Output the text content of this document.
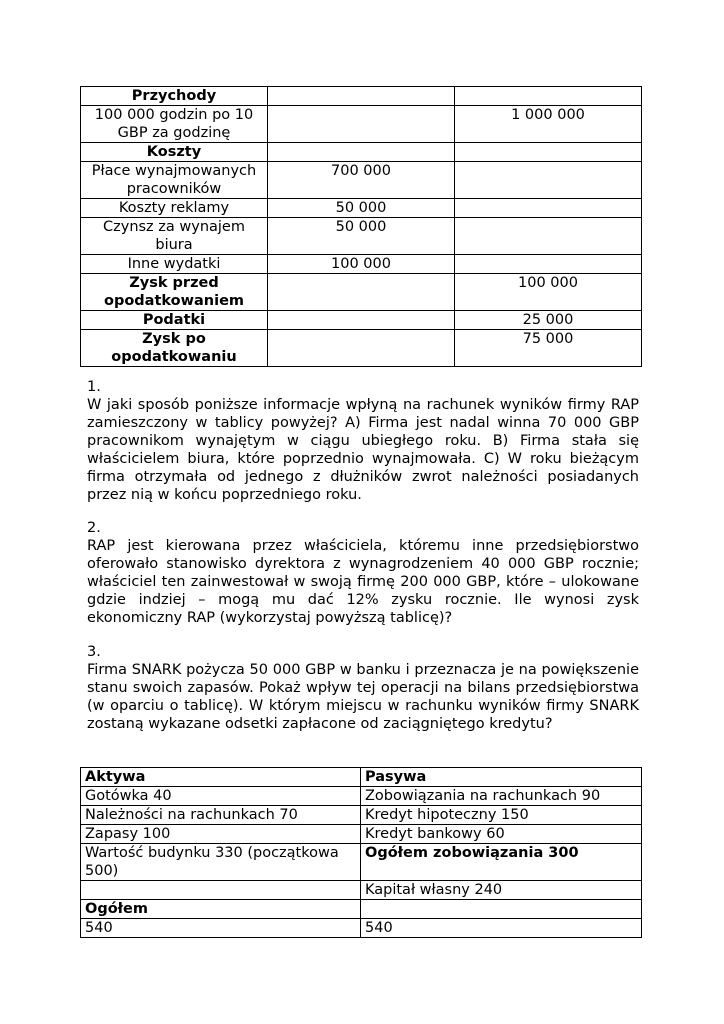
Przychody		
100 000 godzin po 10 GBP za godzinę		1 000 000
Koszty		
Płace wynajmowanych pracowników	700 000	
Koszty reklamy	50 000	
Czynsz za wynajem biura	50 000	
Inne wydatki	100 000	
Zysk przed opodatkowaniem		100 000
Podatki		25 000
Zysk po opodatkowaniu		75 000

1.

W jaki sposób poniższe informacje wpłyną na rachunek wyników firmy RAP zamieszczony w tablicy powyżej? A) Firma jest nadal winna 70 000 GBP pracownikom wynajętym w ciągu ubiegłego roku. B) Firma stała się właścicielem biura, które poprzednio wynajmowała. C) W roku bieżącym firma otrzymała od jednego z dłużników zwrot należności posiadanych przez nią w końcu poprzedniego roku.

2.

RAP jest kierowana przez właściciela, któremu inne przedsiębiorstwo oferowało stanowisko dyrektora z wynagrodzeniem 40 000 GBP rocznie; właściciel ten zainwestował w swoją firmę 200 000 GBP, które – ulokowane gdzie indziej – mogą mu dać 12% zysku rocznie. Ile wynosi zysk ekonomiczny RAP (wykorzystaj powyższą tablicę)?

3.

Firma SNARK pożycza 50 000 GBP w banku i przeznacza je na powiększenie stanu swoich zapasów. Pokaż wpływ tej operacji na bilans przedsiębiorstwa (w oparciu o tablicę). W którym miejscu w rachunku wyników firmy SNARK zostaną wykazane odsetki zapłacone od zaciągniętego kredytu?

Aktywa	Pasywa
Gotówka 40	Zobowiązania na rachunkach 90
Należności na rachunkach 70	Kredyt hipoteczny 150
Zapasy 100	Kredyt bankowy 60
Wartość budynku 330 (początkowa 500)	Ogółem zobowiązania 300
	Kapitał własny 240
Ogółem	
540	540
